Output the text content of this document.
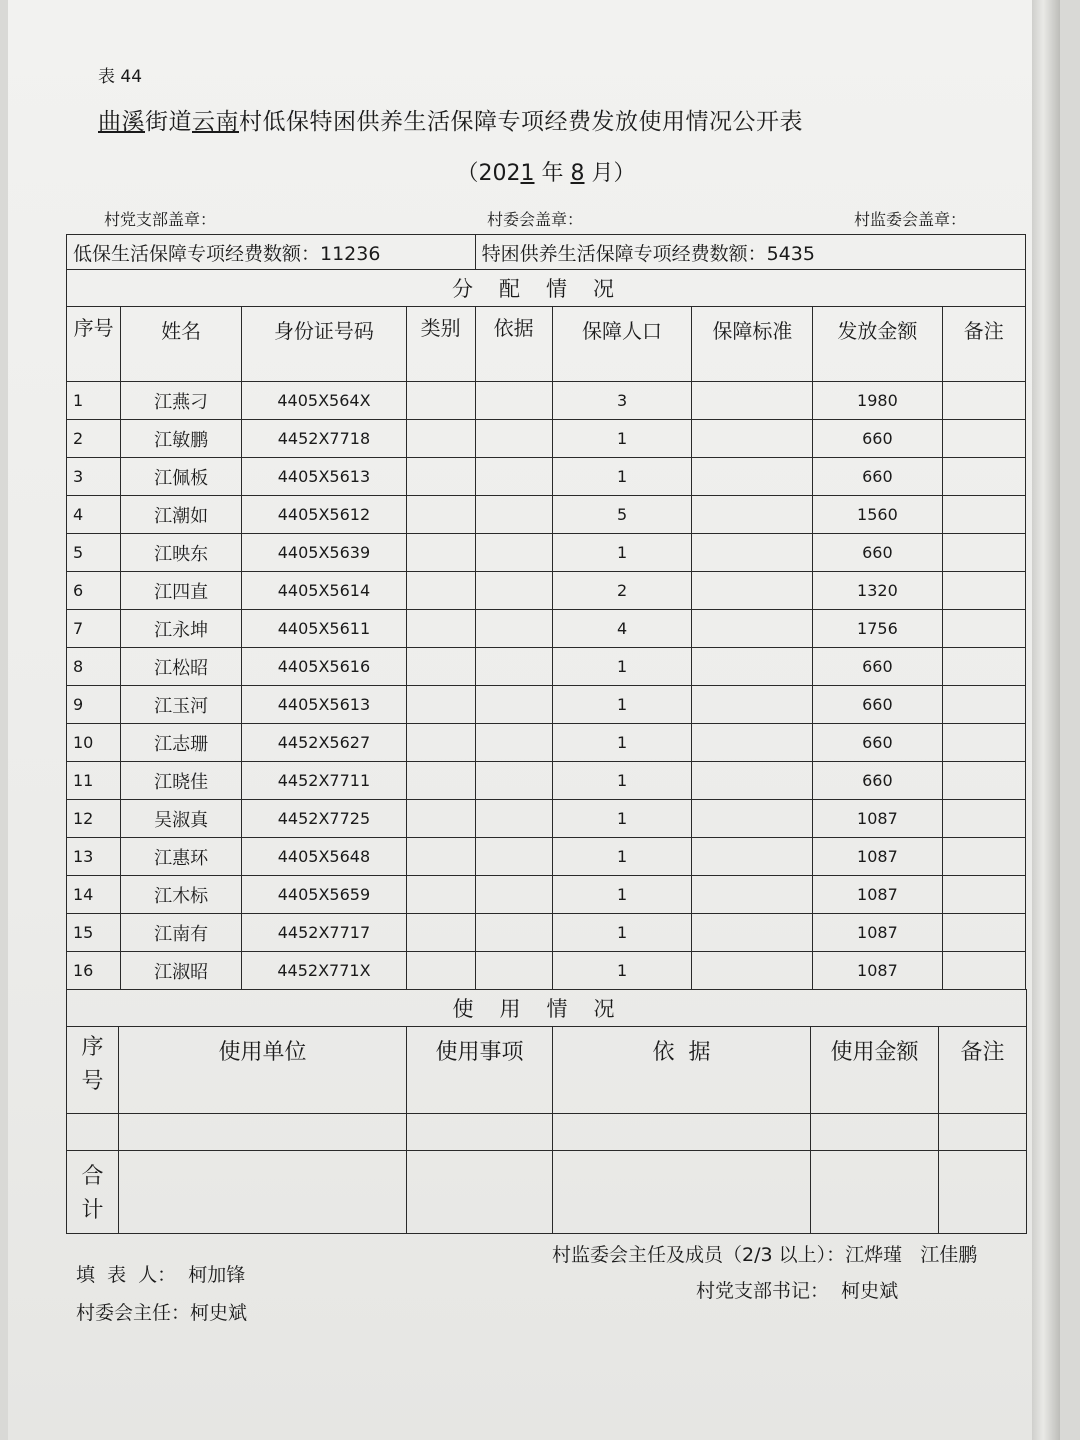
表 44
曲溪街道云南村低保特困供养生活保障专项经费发放使用情况公开表
（2021 年 8 月）
村党支部盖章：	村委会盖章：	村监委会盖章：
低保生活保障专项经费数额：11236				特困供养生活保障专项经费数额：5435				
分配情况								
序号	姓名	身份证号码	类别	依据	保障人口	保障标准	发放金额	备注
1	江燕刁	4405X564X			3		1980	
2	江敏鹏	4452X7718			1		660	
3	江佩板	4405X5613			1		660	
4	江潮如	4405X5612			5		1560	
5	江映东	4405X5639			1		660	
6	江四直	4405X5614			2		1320	
7	江永坤	4405X5611			4		1756	
8	江松昭	4405X5616			1		660	
9	江玉河	4405X5613			1		660	
10	江志珊	4452X5627			1		660	
11	江晓佳	4452X7711			1		660	
12	吴淑真	4452X7725			1		1087	
13	江惠环	4405X5648			1		1087	
14	江木标	4405X5659			1		1087	
15	江南有	4452X7717			1		1087	
16	江淑昭	4452X771X			1		1087	
使用情况					
序号	使用单位	使用事项	依  据	使用金额	备注

合计					
填  表  人：  柯加锋
村委会主任：柯史斌
村监委会主任及成员（2/3 以上）：江烨瑾   江佳鹏
村党支部书记：  柯史斌
